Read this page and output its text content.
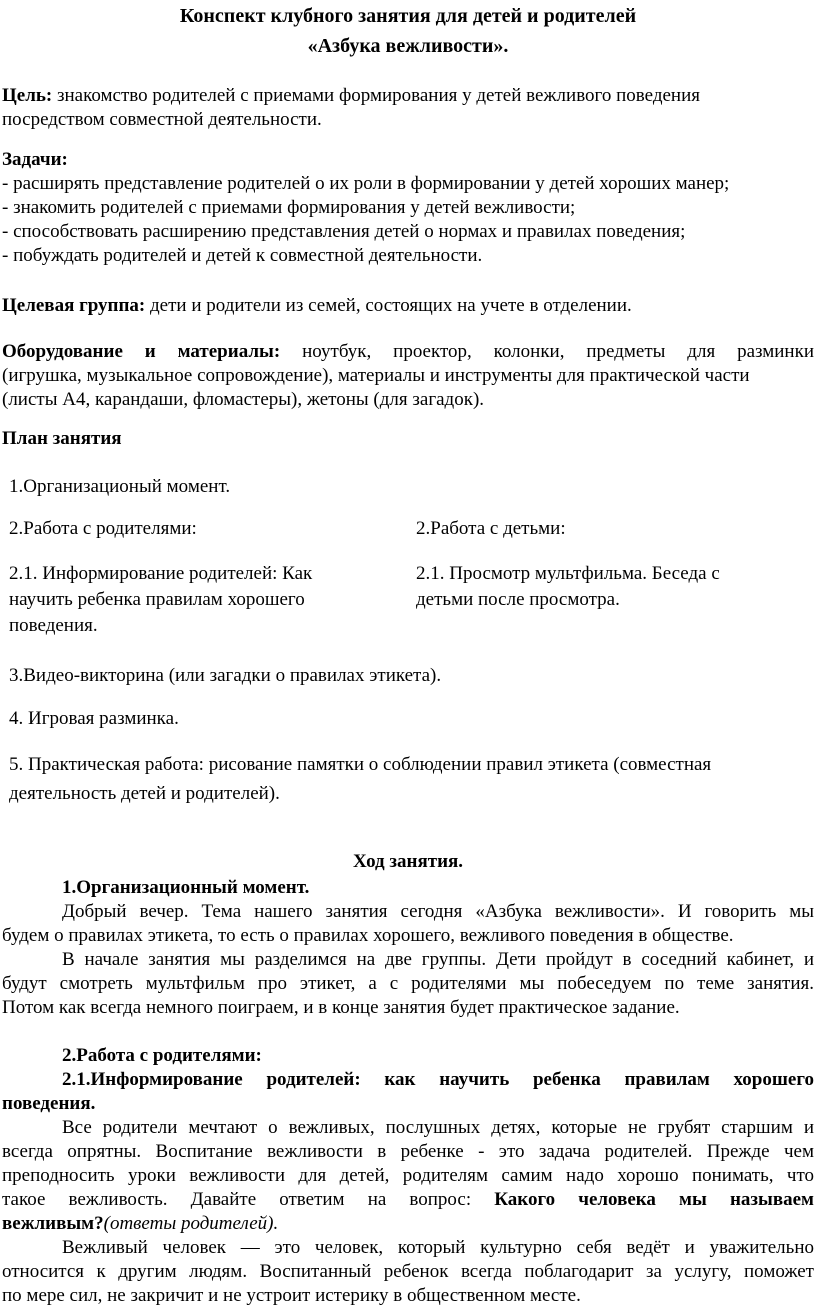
Конспект клубного занятия для детей и родителей
«Азбука вежливости».
Цель: знакомство родителей с приемами формирования у детей вежливого поведения
посредством совместной деятельности.
Задачи:
- расширять представление родителей о их роли в формировании у детей хороших манер;
- знакомить родителей с приемами формирования у детей вежливости;
- способствовать расширению представления детей о нормах и правилах поведения;
- побуждать родителей и детей к совместной деятельности.
Целевая группа: дети и родители из семей, состоящих на учете в отделении.
Оборудование и материалы: ноутбук, проектор, колонки, предметы для разминки
(игрушка, музыкальное сопровождение), материалы и инструменты для практической части
(листы А4, карандаши, фломастеры), жетоны (для загадок).
План занятия
1.Организационый момент.
2.Работа с родителями:	2.Работа с детьми:
2.1. Информирование родителей: Как
научить ребенка правилам хорошего
поведения.
2.1. Просмотр мультфильма. Беседа с
детьми после просмотра.
3.Видео-викторина (или загадки о правилах этикета).
4. Игровая разминка.
5. Практическая работа: рисование памятки о соблюдении правил этикета (совместная
деятельность детей и родителей).
Ход занятия.
1.Организационный момент.
Добрый вечер. Тема нашего занятия сегодня «Азбука вежливости». И говорить мы
будем о правилах этикета, то есть о правилах хорошего, вежливого поведения в обществе.
В начале занятия мы разделимся на две группы. Дети пройдут в соседний кабинет, и
будут смотреть мультфильм про этикет, а с родителями мы побеседуем по теме занятия.
Потом как всегда немного поиграем, и в конце занятия будет практическое задание.
2.Работа с родителями:
2.1.Информирование родителей: как научить ребенка правилам хорошего
поведения.
Все родители мечтают о вежливых, послушных детях, которые не грубят старшим и
всегда опрятны. Воспитание вежливости в ребенке - это задача родителей. Прежде чем
преподносить уроки вежливости для детей, родителям самим надо хорошо понимать, что
такое вежливость. Давайте ответим на вопрос: Какого человека мы называем
вежливым?(ответы родителей).
Вежливый человек — это человек, который культурно себя ведёт и уважительно
относится к другим людям. Воспитанный ребенок всегда поблагодарит за услугу, поможет
по мере сил, не закричит и не устроит истерику в общественном месте.
